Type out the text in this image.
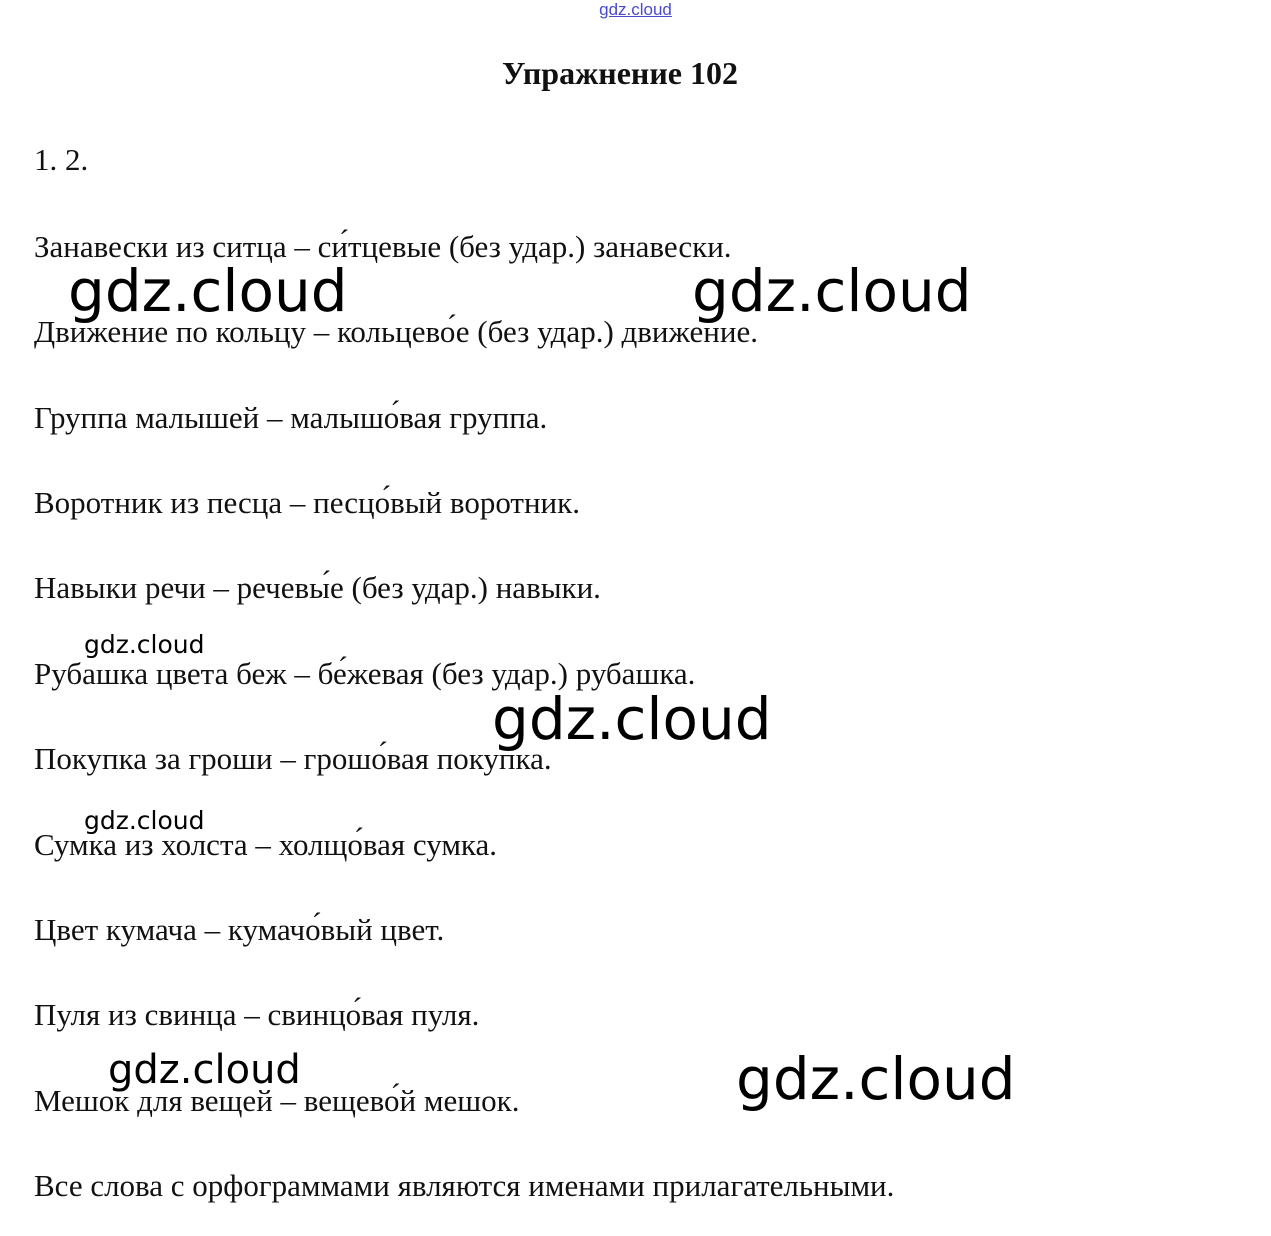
gdz.cloud
Упражнение 102
1. 2.
Занавески из ситца – си́тцевые (без удар.) занавески.
Движение по кольцу – кольцево́е (без удар.) движение.
Группа малышей – малышо́вая группа.
Воротник из песца – песцо́вый воротник.
Навыки речи – речевы́е (без удар.) навыки.
Рубашка цвета беж – бе́жевая (без удар.) рубашка.
Покупка за гроши – грошо́вая покупка.
Сумка из холста – холщо́вая сумка.
Цвет кумача – кумачо́вый цвет.
Пуля из свинца – свинцо́вая пуля.
Мешок для вещей – вещево́й мешок.
Все слова с орфограммами являются именами прилагательными.
gdz.cloud	gdz.cloud
gdz.cloud
gdz.cloud
gdz.cloud
gdz.cloud	gdz.cloud
